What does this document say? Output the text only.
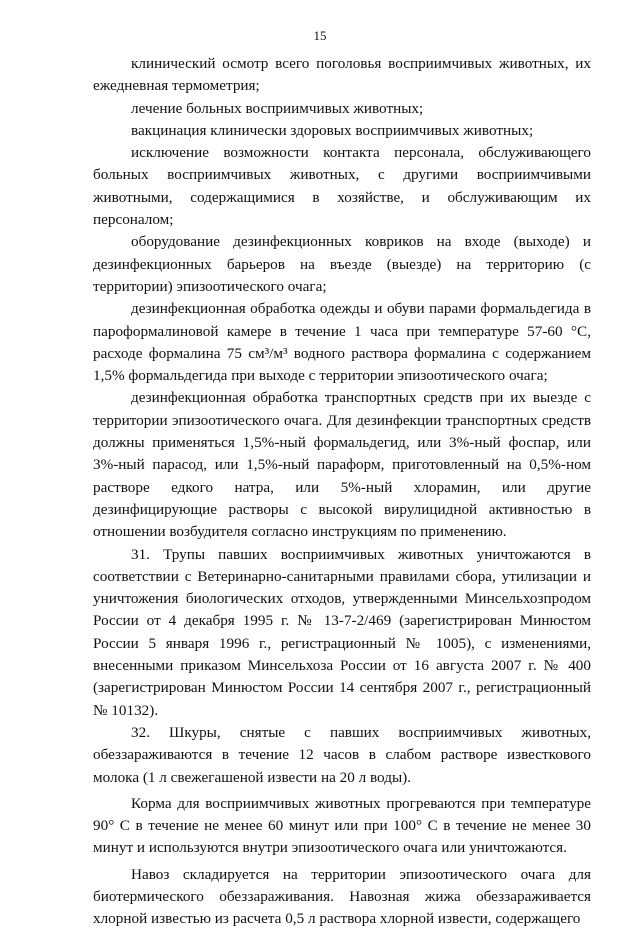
15

клинический осмотр всего поголовья восприимчивых животных, их ежедневная термометрия;

лечение больных восприимчивых животных;

вакцинация клинически здоровых восприимчивых животных;

исключение возможности контакта персонала, обслуживающего больных восприимчивых животных, с другими восприимчивыми животными, содержащимися в хозяйстве, и обслуживающим их персоналом;

оборудование дезинфекционных ковриков на входе (выходе) и дезинфекционных барьеров на въезде (выезде) на территорию (с территории) эпизоотического очага;

дезинфекционная обработка одежды и обуви парами формальдегида в пароформалиновой камере в течение 1 часа при температуре 57-60 °С, расходе формалина 75 см³/м³ водного раствора формалина с содержанием 1,5% формальдегида при выходе с территории эпизоотического очага;

дезинфекционная обработка транспортных средств при их выезде с территории эпизоотического очага. Для дезинфекции транспортных средств должны применяться 1,5%-ный формальдегид, или 3%-ный фоспар, или 3%-ный парасод, или 1,5%-ный параформ, приготовленный на 0,5%-ном растворе едкого натра, или 5%-ный хлорамин, или другие дезинфицирующие растворы с высокой вирулицидной активностью в отношении возбудителя согласно инструкциям по применению.

31. Трупы павших восприимчивых животных уничтожаются в соответствии с Ветеринарно-санитарными правилами сбора, утилизации и уничтожения биологических отходов, утвержденными Минсельхозпродом России от 4 декабря 1995 г. № 13-7-2/469 (зарегистрирован Минюстом России 5 января 1996 г., регистрационный № 1005), с изменениями, внесенными приказом Минсельхоза России от 16 августа 2007 г. № 400 (зарегистрирован Минюстом России 14 сентября 2007 г., регистрационный № 10132).

32. Шкуры, снятые с павших восприимчивых животных, обеззараживаются в течение 12 часов в слабом растворе известкового молока (1 л свежегашеной извести на 20 л воды).

Корма для восприимчивых животных прогреваются при температуре 90° С в течение не менее 60 минут или при 100° С в течение не менее 30 минут и используются внутри эпизоотического очага или уничтожаются.

Навоз складируется на территории эпизоотического очага для биотермического обеззараживания. Навозная жижа обеззараживается хлорной известью из расчета 0,5 л раствора хлорной извести, содержащего
